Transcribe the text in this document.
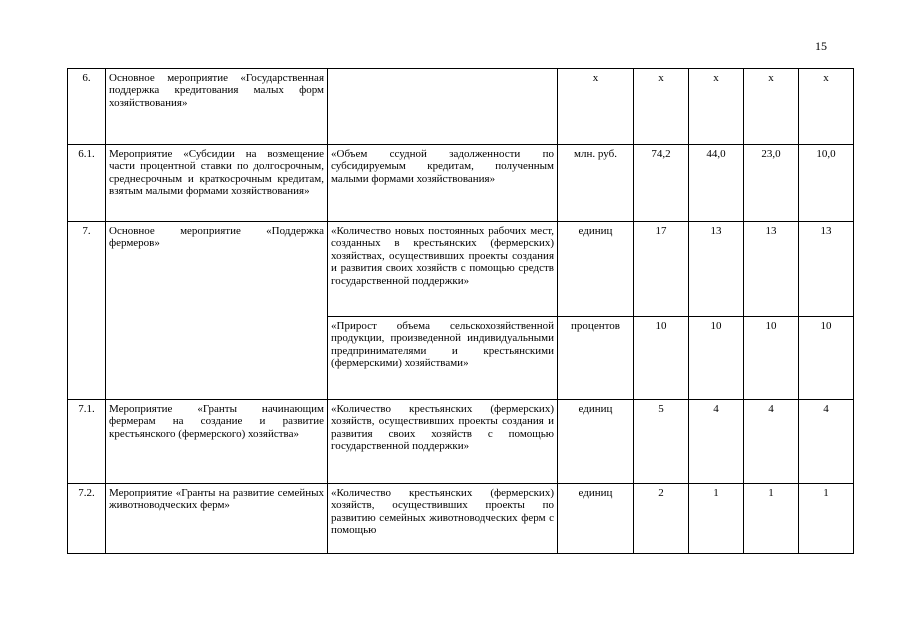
15
6.	Основное мероприятие «Государственная поддержка кредитования малых форм хозяйствования»		х	х	х	х	х
6.1.	Мероприятие «Субсидии на возмещение части процентной ставки по долгосрочным, среднесрочным и краткосрочным кредитам, взятым малыми формами хозяйствования»	«Объем ссудной задолженности по субсидируемым кредитам, полученным малыми формами хозяйствования»	млн. руб.	74,2	44,0	23,0	10,0
7.	Основное мероприятие «Поддержка фермеров»	«Количество новых постоянных рабочих мест, созданных в крестьянских (фермерских) хозяйствах, осуществивших проекты создания и развития своих хозяйств с помощью средств государственной поддержки»	единиц	17	13	13	13
		«Прирост объема сельскохозяйственной продукции, произведенной индивидуальными предпринимателями и крестьянскими (фермерскими) хозяйствами»	процентов	10	10	10	10
7.1.	Мероприятие «Гранты начинающим фермерам на создание и развитие крестьянского (фермерского) хозяйства»	«Количество крестьянских (фермерских) хозяйств, осуществивших проекты создания и развития своих хозяйств с помощью государственной поддержки»	единиц	5	4	4	4
7.2.	Мероприятие «Гранты на развитие семейных животноводческих ферм»	«Количество крестьянских (фермерских) хозяйств, осуществивших проекты по развитию семейных животноводческих ферм с помощью	единиц	2	1	1	1
